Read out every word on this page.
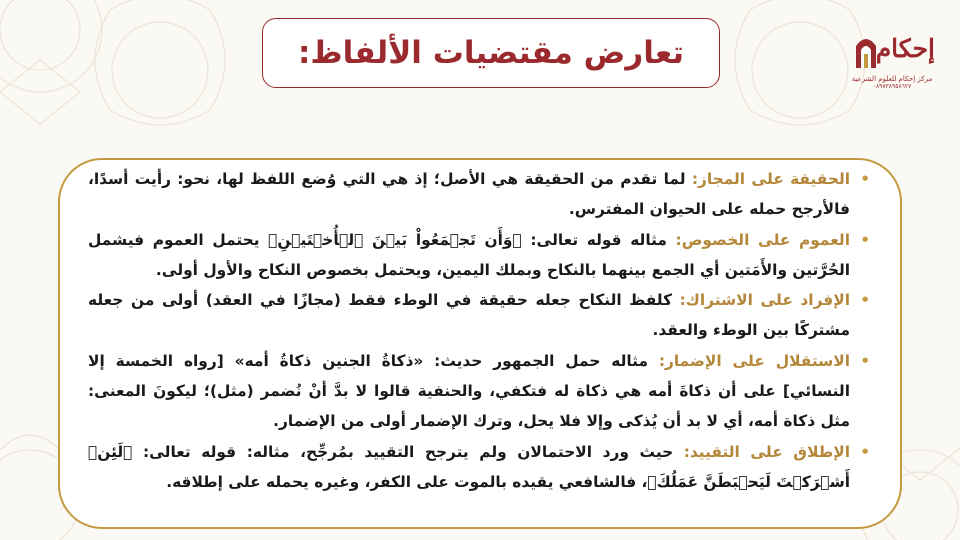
إحكام
مركز إحكام للعلوم الشرعية
٠٨٩٧٣٨٩٥٨٦٢٧
تعارض مقتضيات الألفاظ:
•
الحقيقة على المجاز: لما تقدم من الحقيقة هي الأصل؛ إذ هي التي وُضع اللفظ لها، نحو: رأيت أسدًا، فالأرجح حمله على الحيوان المفترس.
•
العموم على الخصوص: مثاله قوله تعالى: ﴿وَأَن تَجۡمَعُواْ بَيۡنَ ٱلۡأُخۡتَيۡنِ﴾ يحتمل العموم فيشمل الحُرَّتين والأَمَتين أي الجمع بينهما بالنكاح وبملك اليمين، ويحتمل بخصوص النكاح والأول أولى.
•
الإفراد على الاشتراك: كلفظ النكاح جعله حقيقة في الوطء فقط (مجازًا في العقد) أولى من جعله مشتركًا بين الوطء والعقد.
•
الاستقلال على الإضمار: مثاله حمل الجمهور حديث: «ذكاةُ الجنين ذكاةُ أمه» [رواه الخمسة إلا النسائي] على أن ذكاةَ أمه هي ذكاة له فتكفي، والحنفية قالوا لا بدَّ أنْ نُضمر (مثل)؛ ليكونَ المعنى: مثل ذكاة أمه، أي لا بد أن يُذكى وإلا فلا يحل، وترك الإضمار أولى من الإضمار.
•
الإطلاق على التقييد: حيث ورد الاحتمالان ولم يترجح التقييد بمُرجِّح، مثاله: قوله تعالى: ﴿لَئِنۡ أَشۡرَكۡتَ لَيَحۡبَطَنَّ عَمَلُكَ﴾، فالشافعي يقيده بالموت على الكفر، وغيره يحمله على إطلاقه.
